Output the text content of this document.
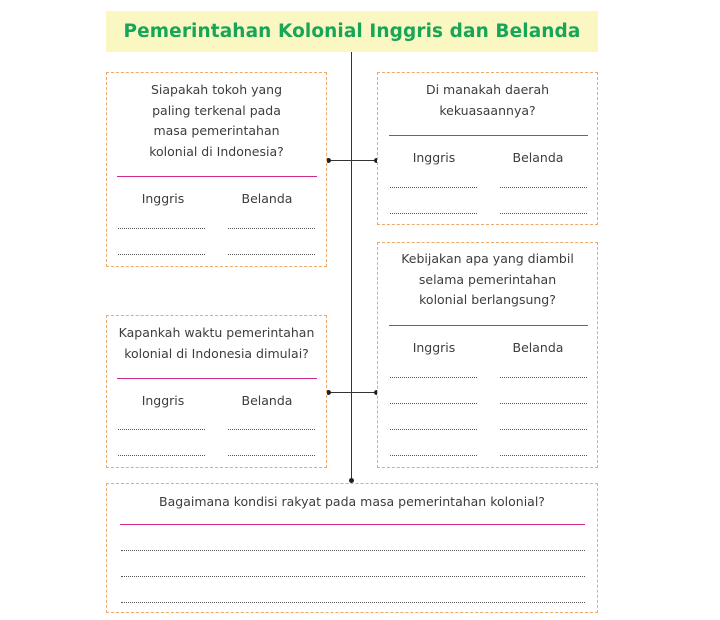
Pemerintahan Kolonial Inggris dan Belanda
Siapakah tokoh yang
paling terkenal pada
masa pemerintahan
kolonial di Indonesia?
Inggris	Belanda
Di manakah daerah
kekuasaannya?
Inggris	Belanda
Kebijakan apa yang diambil
selama pemerintahan
kolonial berlangsung?
Inggris	Belanda
Kapankah waktu pemerintahan
kolonial di Indonesia dimulai?
Inggris	Belanda
Bagaimana kondisi rakyat pada masa pemerintahan kolonial?
